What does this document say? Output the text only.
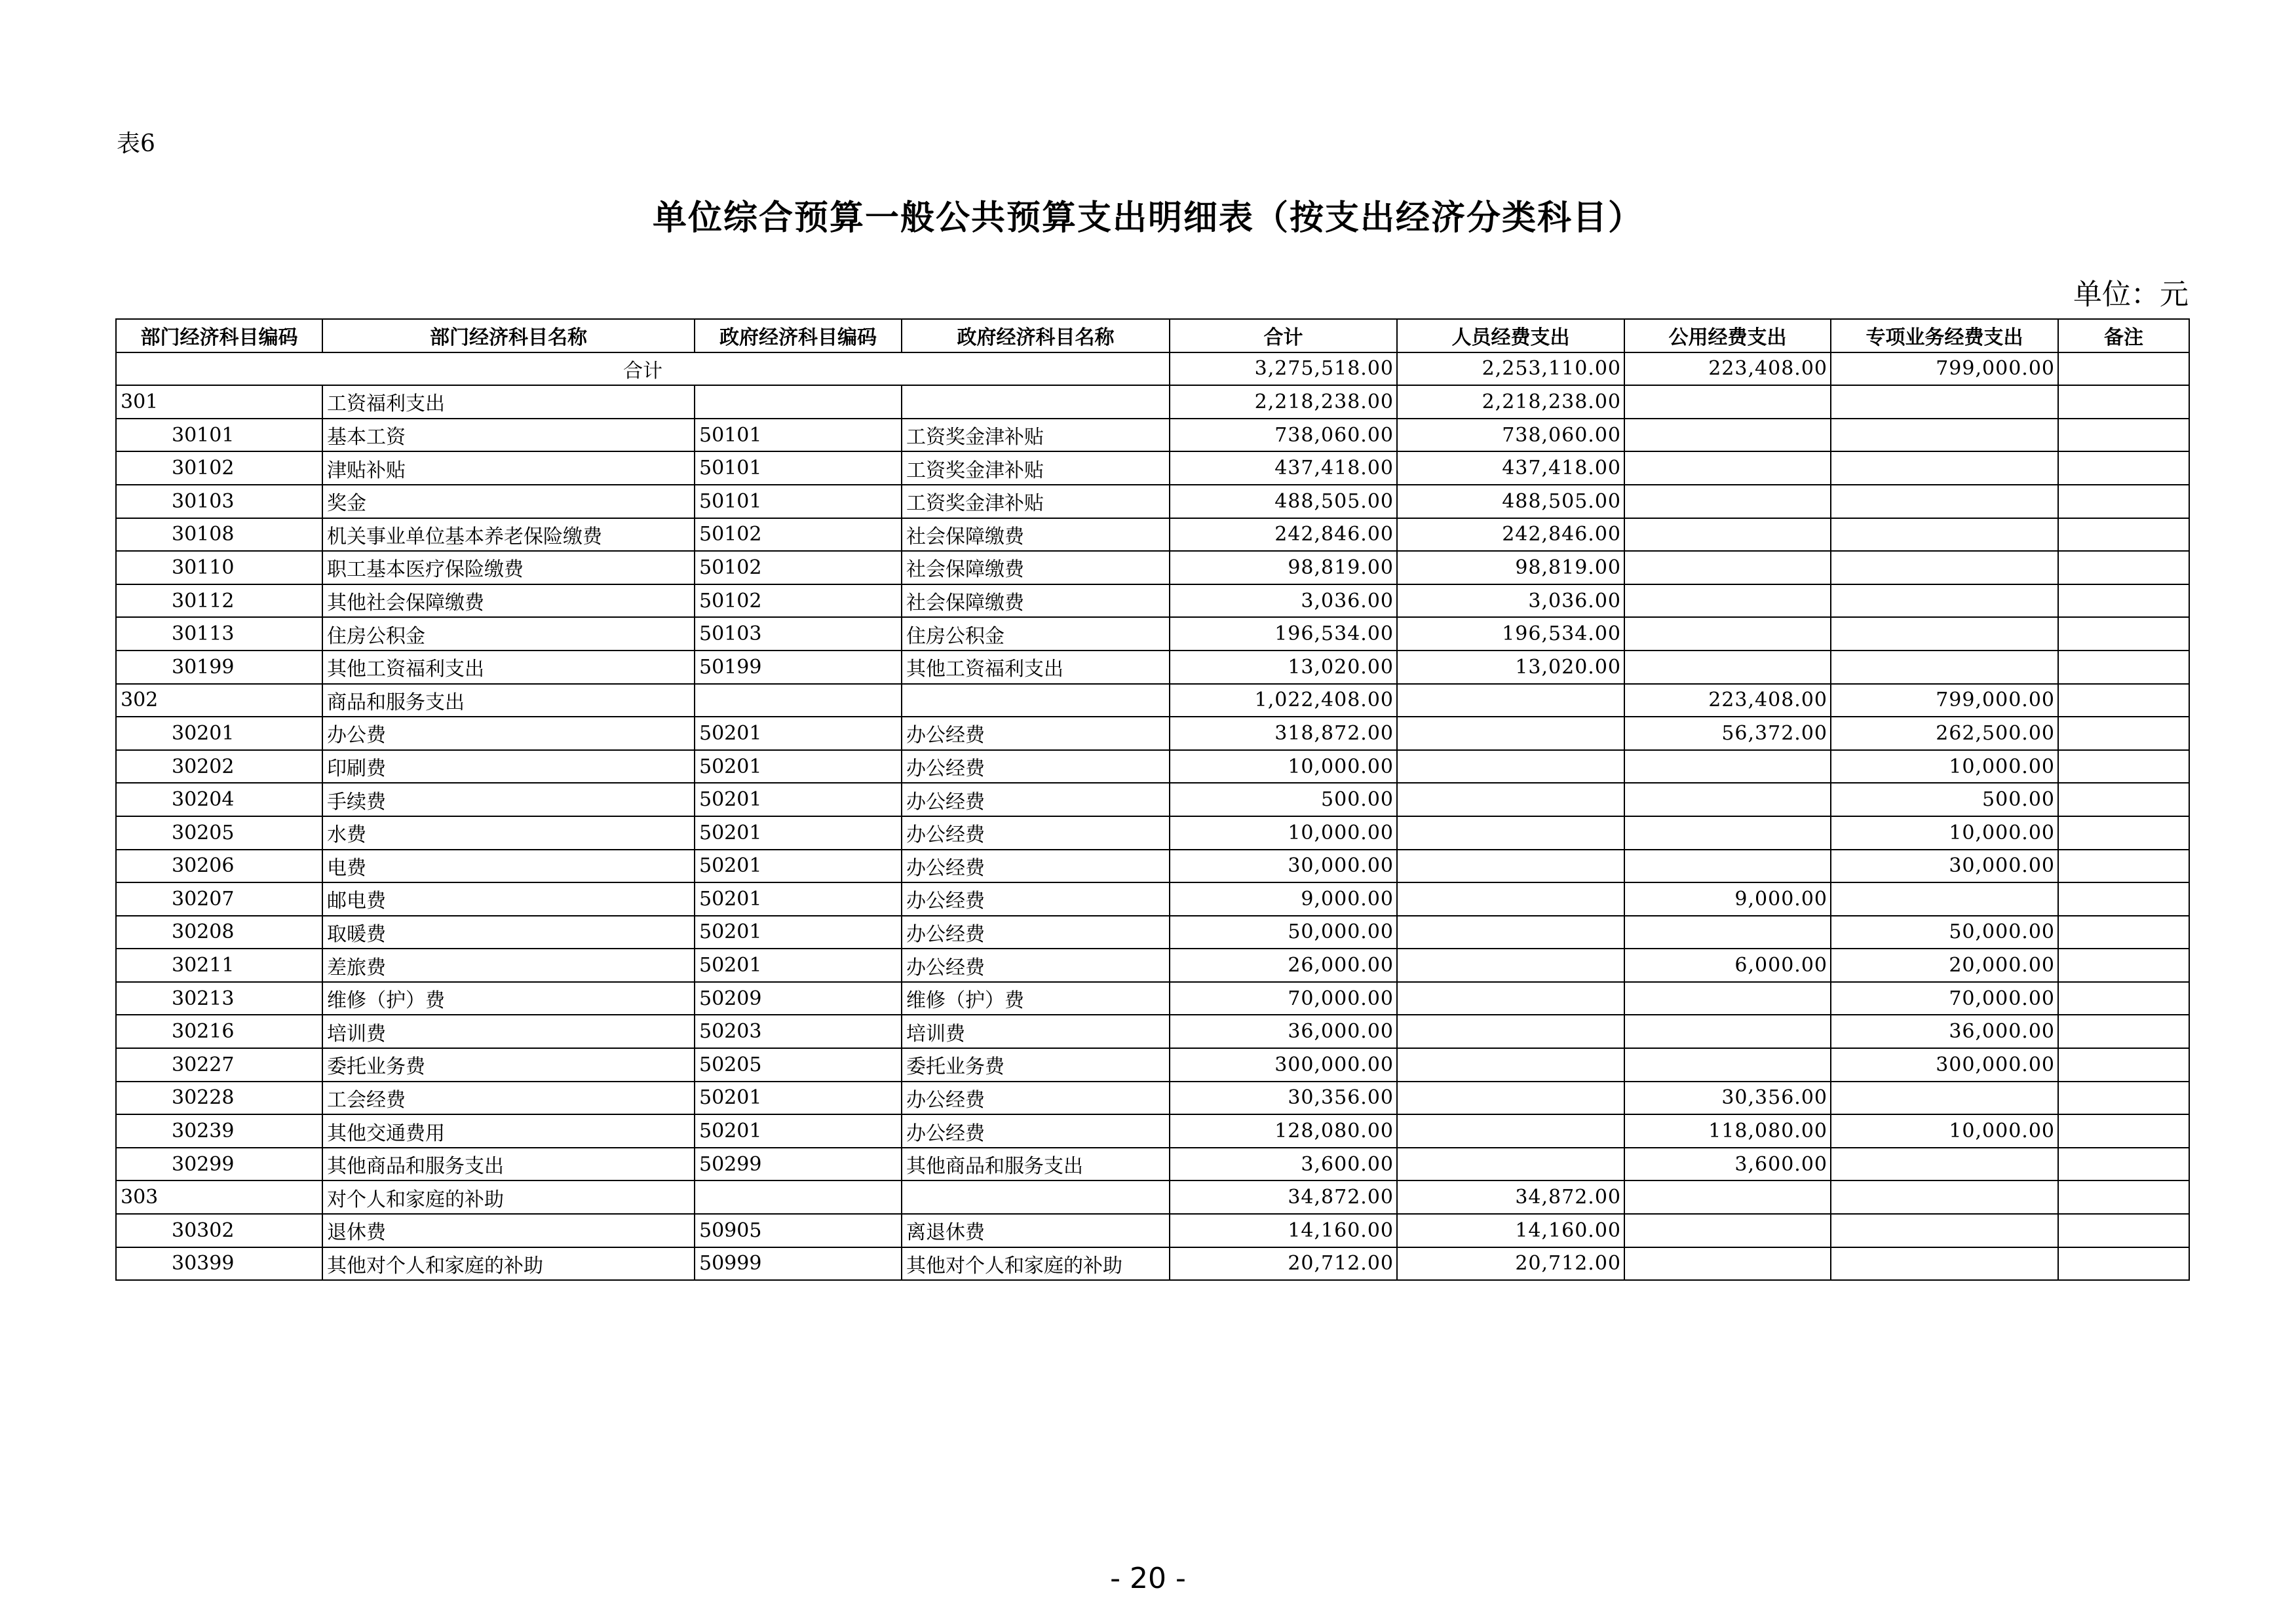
表6
单位综合预算一般公共预算支出明细表（按支出经济分类科目）
单位：元
部门经济科目编码	部门经济科目名称	政府经济科目编码	政府经济科目名称	合计	人员经费支出	公用经费支出	专项业务经费支出	备注
合计				3,275,518.00	2,253,110.00	223,408.00	799,000.00	
301	工资福利支出			2,218,238.00	2,218,238.00			
30101	基本工资	50101	工资奖金津补贴	738,060.00	738,060.00			
30102	津贴补贴	50101	工资奖金津补贴	437,418.00	437,418.00			
30103	奖金	50101	工资奖金津补贴	488,505.00	488,505.00			
30108	机关事业单位基本养老保险缴费	50102	社会保障缴费	242,846.00	242,846.00			
30110	职工基本医疗保险缴费	50102	社会保障缴费	98,819.00	98,819.00			
30112	其他社会保障缴费	50102	社会保障缴费	3,036.00	3,036.00			
30113	住房公积金	50103	住房公积金	196,534.00	196,534.00			
30199	其他工资福利支出	50199	其他工资福利支出	13,020.00	13,020.00			
302	商品和服务支出			1,022,408.00		223,408.00	799,000.00	
30201	办公费	50201	办公经费	318,872.00		56,372.00	262,500.00	
30202	印刷费	50201	办公经费	10,000.00			10,000.00	
30204	手续费	50201	办公经费	500.00			500.00	
30205	水费	50201	办公经费	10,000.00			10,000.00	
30206	电费	50201	办公经费	30,000.00			30,000.00	
30207	邮电费	50201	办公经费	9,000.00		9,000.00		
30208	取暖费	50201	办公经费	50,000.00			50,000.00	
30211	差旅费	50201	办公经费	26,000.00		6,000.00	20,000.00	
30213	维修（护）费	50209	维修（护）费	70,000.00			70,000.00	
30216	培训费	50203	培训费	36,000.00			36,000.00	
30227	委托业务费	50205	委托业务费	300,000.00			300,000.00	
30228	工会经费	50201	办公经费	30,356.00		30,356.00		
30239	其他交通费用	50201	办公经费	128,080.00		118,080.00	10,000.00	
30299	其他商品和服务支出	50299	其他商品和服务支出	3,600.00		3,600.00		
303	对个人和家庭的补助			34,872.00	34,872.00			
30302	退休费	50905	离退休费	14,160.00	14,160.00			
30399	其他对个人和家庭的补助	50999	其他对个人和家庭的补助	20,712.00	20,712.00			
- 20 -
